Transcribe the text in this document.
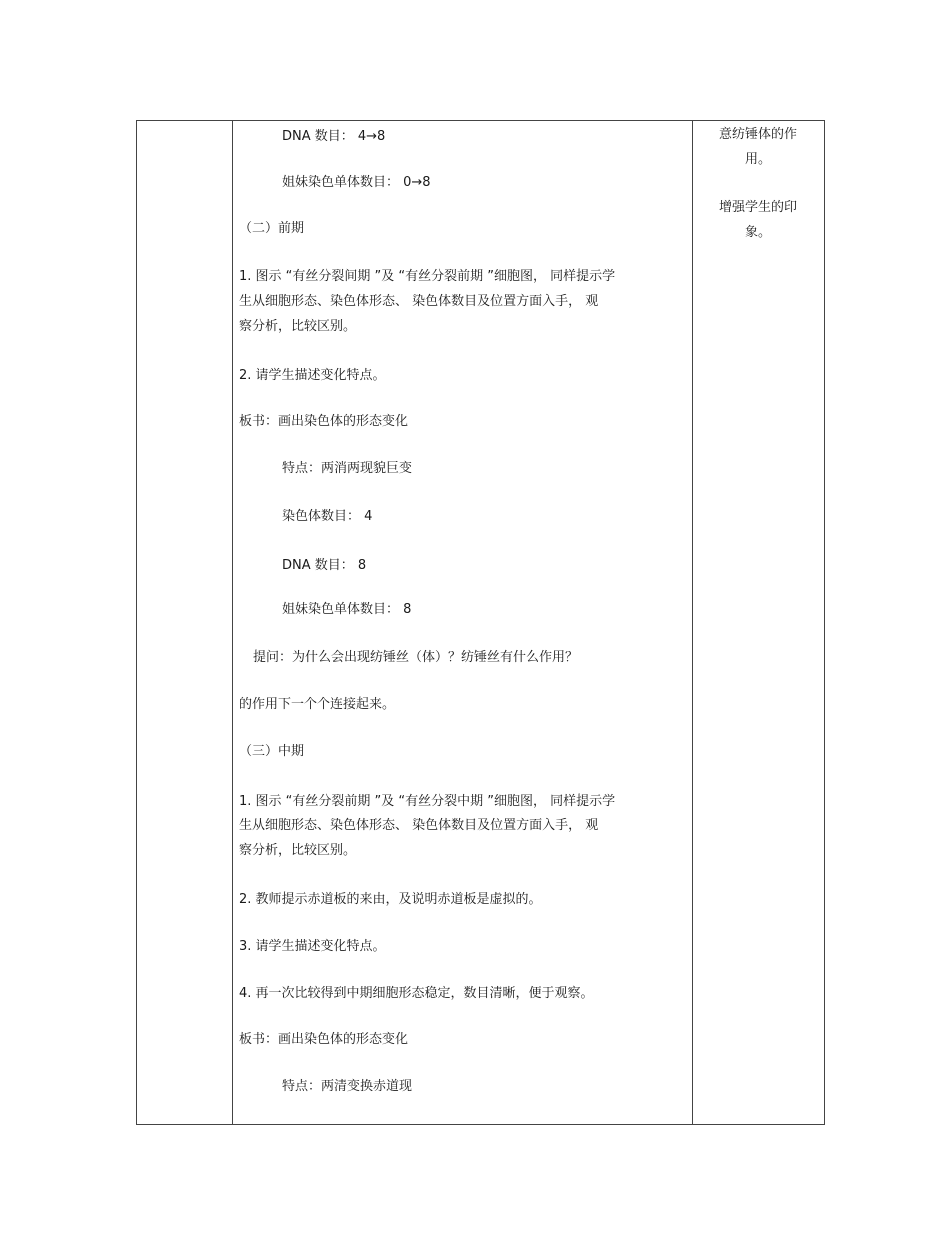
DNA 数目： 4→8
姐妹染色单体数目： 0→8
（二）前期
1. 图示 “有丝分裂间期 ”及 “有丝分裂前期 ”细胞图， 同样提示学
生从细胞形态、染色体形态、 染色体数目及位置方面入手， 观
察分析，比较区别。
2. 请学生描述变化特点。
板书：画出染色体的形态变化
特点：两消两现貌巨变
染色体数目： 4
DNA 数目： 8
姐妹染色单体数目： 8
提问：为什么会出现纺锤丝（体）？纺锤丝有什么作用？
的作用下一个个连接起来。
（三）中期
1. 图示 “有丝分裂前期 ”及 “有丝分裂中期 ”细胞图， 同样提示学
生从细胞形态、染色体形态、 染色体数目及位置方面入手， 观
察分析，比较区别。
2. 教师提示赤道板的来由，及说明赤道板是虚拟的。
3. 请学生描述变化特点。
4. 再一次比较得到中期细胞形态稳定，数目清晰，便于观察。
板书：画出染色体的形态变化
特点：两清变换赤道现
意纺锤体的作
用。
增强学生的印
象。
